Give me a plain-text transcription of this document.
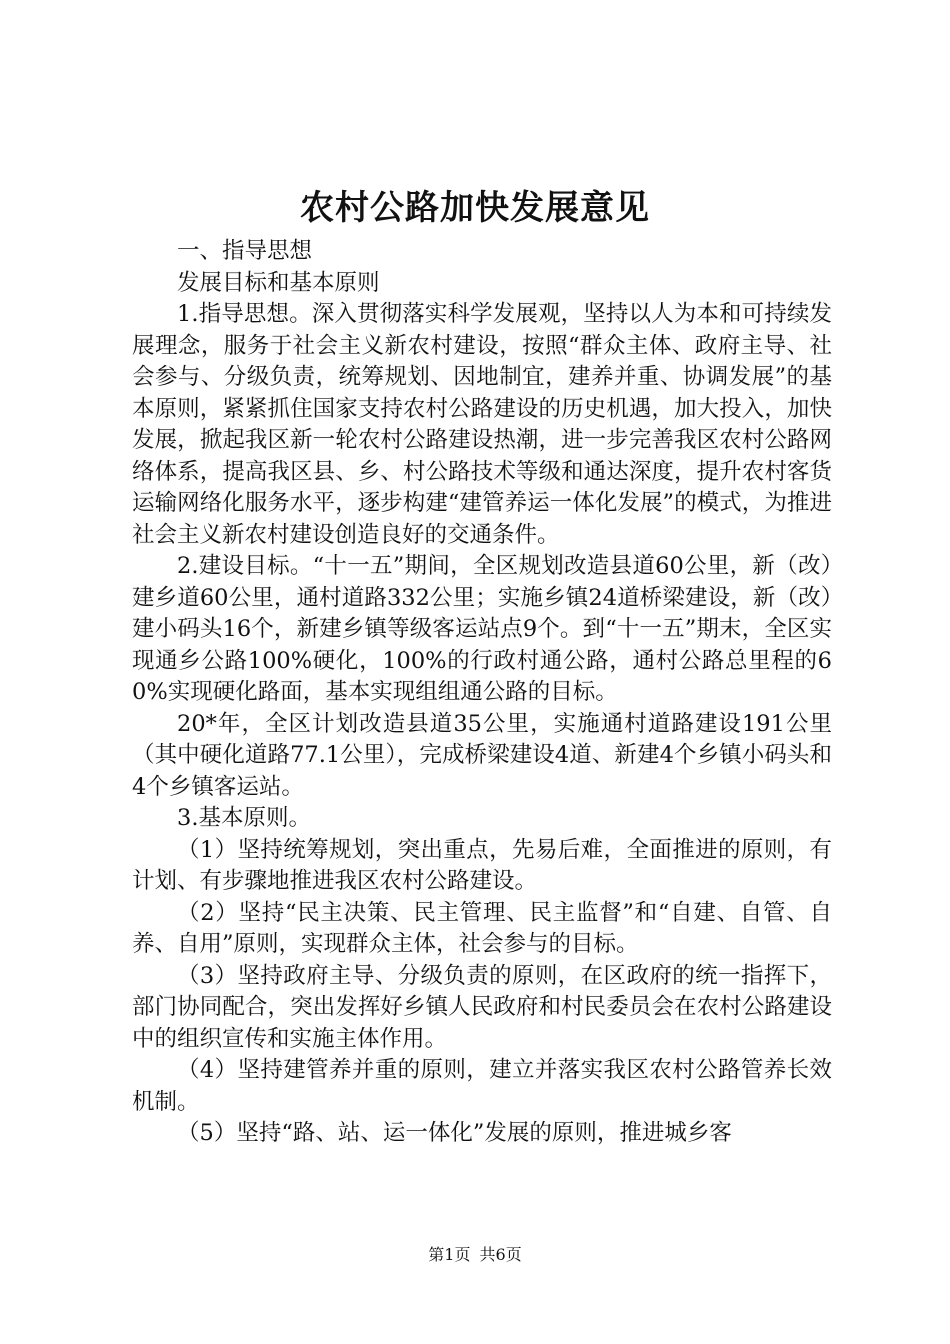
农村公路加快发展意见

一、指导思想

发展目标和基本原则

1.指导思想。深入贯彻落实科学发展观，坚持以人为本和可持续发展理念，服务于社会主义新农村建设，按照“群众主体、政府主导、社会参与、分级负责，统筹规划、因地制宜，建养并重、协调发展”的基本原则，紧紧抓住国家支持农村公路建设的历史机遇，加大投入，加快发展，掀起我区新一轮农村公路建设热潮，进一步完善我区农村公路网络体系，提高我区县、乡、村公路技术等级和通达深度，提升农村客货运输网络化服务水平，逐步构建“建管养运一体化发展”的模式，为推进社会主义新农村建设创造良好的交通条件。

2.建设目标。“十一五”期间，全区规划改造县道60公里，新（改）建乡道60公里，通村道路332公里；实施乡镇24道桥梁建设，新（改）建小码头16个，新建乡镇等级客运站点9个。到“十一五”期末，全区实现通乡公路100%硬化，100%的行政村通公路，通村公路总里程的60%实现硬化路面，基本实现组组通公路的目标。

20*年，全区计划改造县道35公里，实施通村道路建设191公里（其中硬化道路77.1公里），完成桥梁建设4道、新建4个乡镇小码头和4个乡镇客运站。

3.基本原则。

（1）坚持统筹规划，突出重点，先易后难，全面推进的原则，有计划、有步骤地推进我区农村公路建设。

（2）坚持“民主决策、民主管理、民主监督”和“自建、自管、自养、自用”原则，实现群众主体，社会参与的目标。

（3）坚持政府主导、分级负责的原则，在区政府的统一指挥下，部门协同配合，突出发挥好乡镇人民政府和村民委员会在农村公路建设中的组织宣传和实施主体作用。

（4）坚持建管养并重的原则，建立并落实我区农村公路管养长效机制。

（5）坚持“路、站、运一体化”发展的原则，推进城乡客

第1页 共6页
